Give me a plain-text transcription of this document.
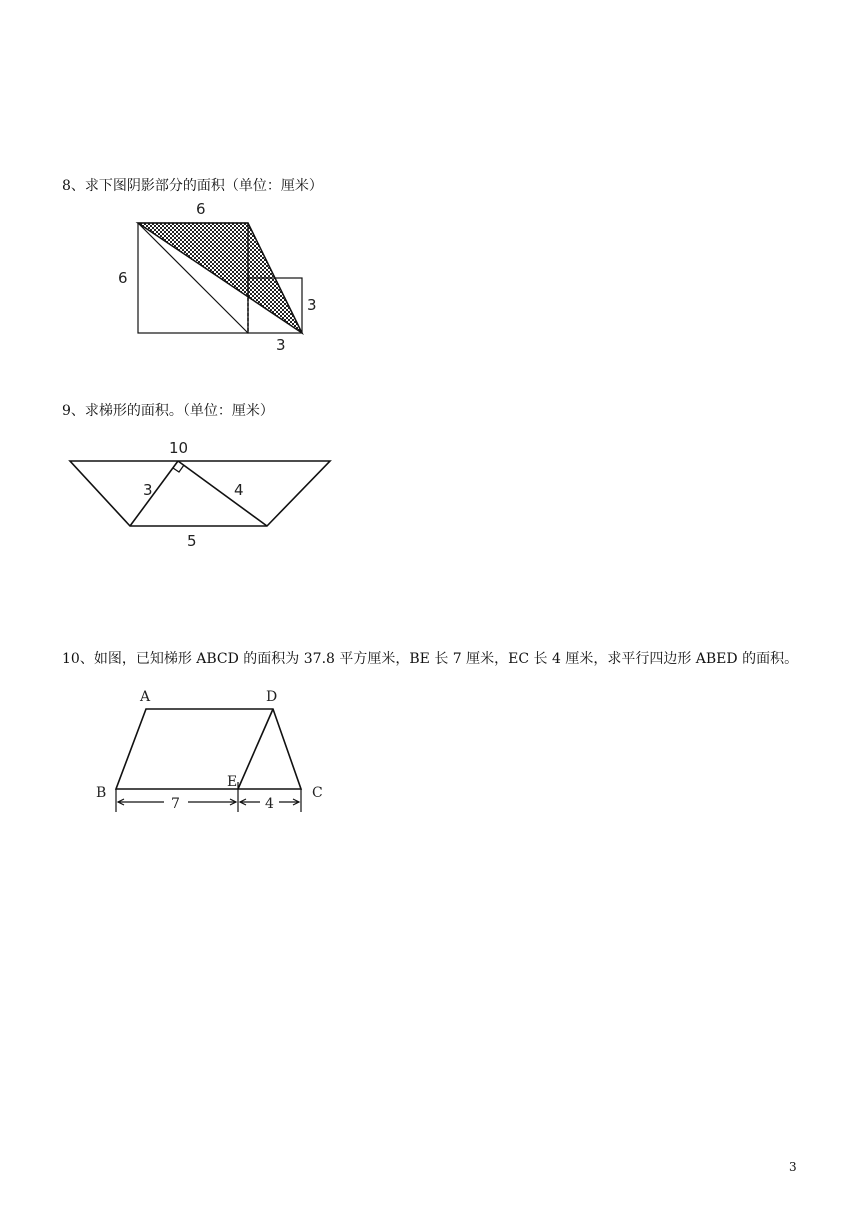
8、求下图阴影部分的面积（单位：厘米）
6
6
3
3
9、求梯形的面积。（单位：厘米）
10
3	4
5
10、如图，已知梯形 ABCD 的面积为 37.8 平方厘米，BE 长 7 厘米，EC 长 4 厘米，求平行四边形 ABED 的面积。
A	D
B
E
C
7	4
3
